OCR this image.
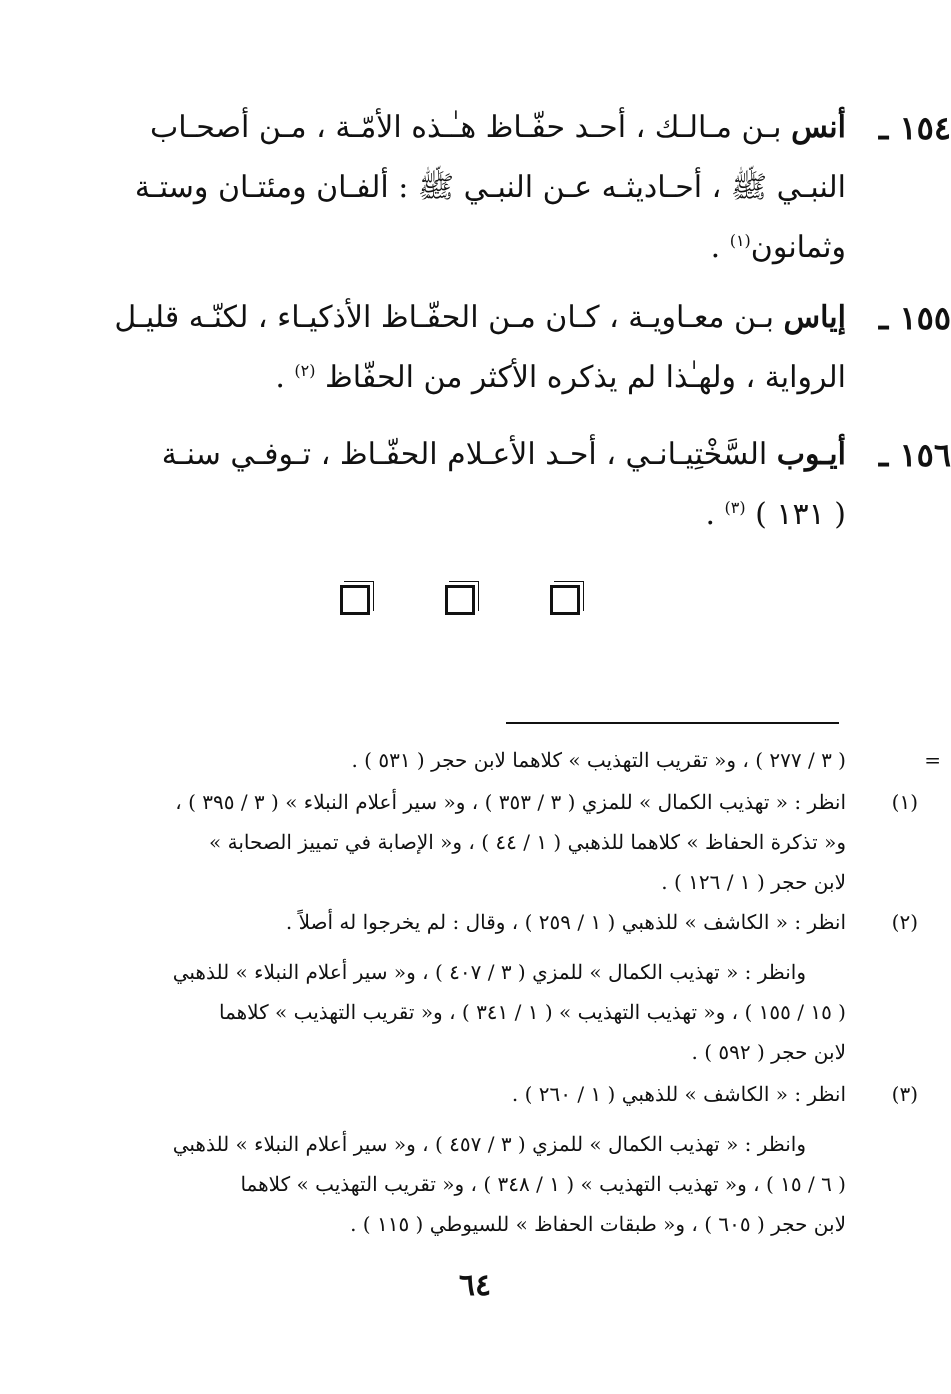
١٥٤ ـ
أنس بـن مـالـك ، أحـد حفّـاظ هـٰـذه الأمّـة ، مـن أصحـاب
النبـي ﷺ ، أحـاديثـه عـن النبـي ﷺ : ألفـان ومئتـان وستـة
وثمانون$^{(١)}$ .
١٥٥ ـ
إياس بـن معـاويـة ، كـان مـن الحفّـاظ الأذكيـاء ، لكنّـه قليـل
الرواية ، ولهـٰذا لم يذكره الأكثر من الحفّاظ $^{(٢)}$ .
١٥٦ ـ
أيـوب السَّخْتِيـانـي ، أحـد الأعـلام الحفّـاظ ، تـوفـي سنـة
( ١٣١ ) $^{(٣)}$ .
=
( ٣ / ٢٧٧ ) ، و« تقريب التهذيب » كلاهما لابن حجر ( ٥٣١ ) .
(١)
انظر : « تهذيب الكمال » للمزي ( ٣ / ٣٥٣ ) ، و« سير أعلام النبلاء » ( ٣ / ٣٩٥ ) ،
و« تذكرة الحفاظ » كلاهما للذهبي ( ١ / ٤٤ ) ، و« الإصابة في تمييز الصحابة »
لابن حجر ( ١ / ١٢٦ ) .
(٢)
انظر : « الكاشف » للذهبي ( ١ / ٢٥٩ ) ، وقال : لم يخرجوا له أصلاً .
وانظر : « تهذيب الكمال » للمزي ( ٣ / ٤٠٧ ) ، و« سير أعلام النبلاء » للذهبي
( ١٥ / ١٥٥ ) ، و« تهذيب التهذيب » ( ١ / ٣٤١ ) ، و« تقريب التهذيب » كلاهما
لابن حجر ( ٥٩٢ ) .
(٣)
انظر : « الكاشف » للذهبي ( ١ / ٢٦٠ ) .
وانظر : « تهذيب الكمال » للمزي ( ٣ / ٤٥٧ ) ، و« سير أعلام النبلاء » للذهبي
( ٦ / ١٥ ) ، و« تهذيب التهذيب » ( ١ / ٣٤٨ ) ، و« تقريب التهذيب » كلاهما
لابن حجر ( ٦٠٥ ) ، و« طبقات الحفاظ » للسيوطي ( ١١٥ ) .
٦٤
